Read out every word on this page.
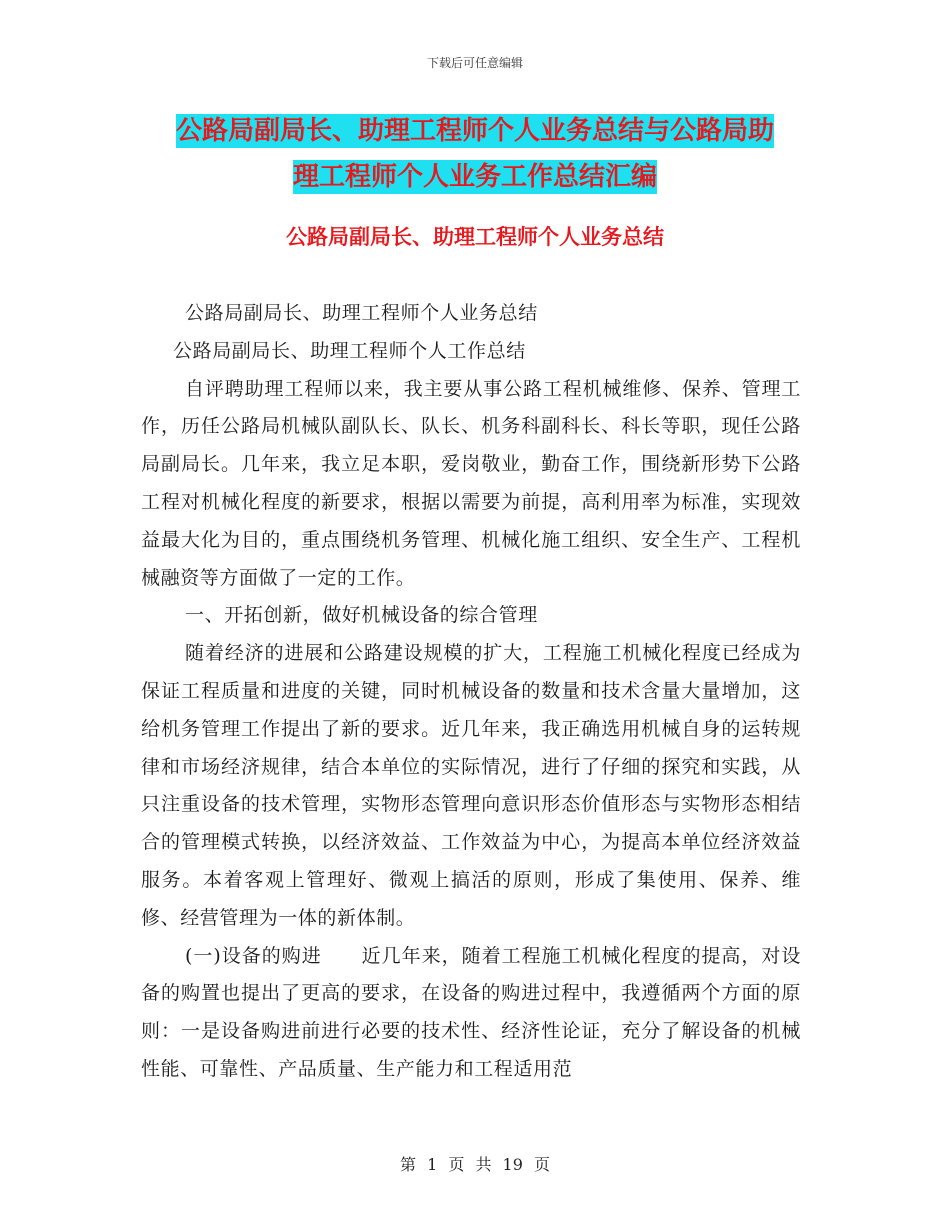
下载后可任意编辑
公路局副局长、助理工程师个人业务总结与公路局助
理工程师个人业务工作总结汇编
公路局副局长、助理工程师个人业务总结

公路局副局长、助理工程师个人业务总结

公路局副局长、助理工程师个人工作总结

自评聘助理工程师以来，我主要从事公路工程机械维修、保养、管理工作，历任公路局机械队副队长、队长、机务科副科长、科长等职，现任公路局副局长。几年来，我立足本职，爱岗敬业，勤奋工作，围绕新形势下公路工程对机械化程度的新要求，根据以需要为前提，高利用率为标准，实现效益最大化为目的，重点围绕机务管理、机械化施工组织、安全生产、工程机械融资等方面做了一定的工作。

一、开拓创新，做好机械设备的综合管理

随着经济的进展和公路建设规模的扩大，工程施工机械化程度已经成为保证工程质量和进度的关键，同时机械设备的数量和技术含量大量增加，这给机务管理工作提出了新的要求。近几年来，我正确选用机械自身的运转规律和市场经济规律，结合本单位的实际情况，进行了仔细的探究和实践，从只注重设备的技术管理，实物形态管理向意识形态价值形态与实物形态相结合的管理模式转换，以经济效益、工作效益为中心，为提高本单位经济效益服务。本着客观上管理好、微观上搞活的原则，形成了集使用、保养、维修、经营管理为一体的新体制。

(一)设备的购进　　近几年来，随着工程施工机械化程度的提高，对设备的购置也提出了更高的要求，在设备的购进过程中，我遵循两个方面的原则：一是设备购进前进行必要的技术性、经济性论证，充分了解设备的机械性能、可靠性、产品质量、生产能力和工程适用范

第 1 页 共 19 页
